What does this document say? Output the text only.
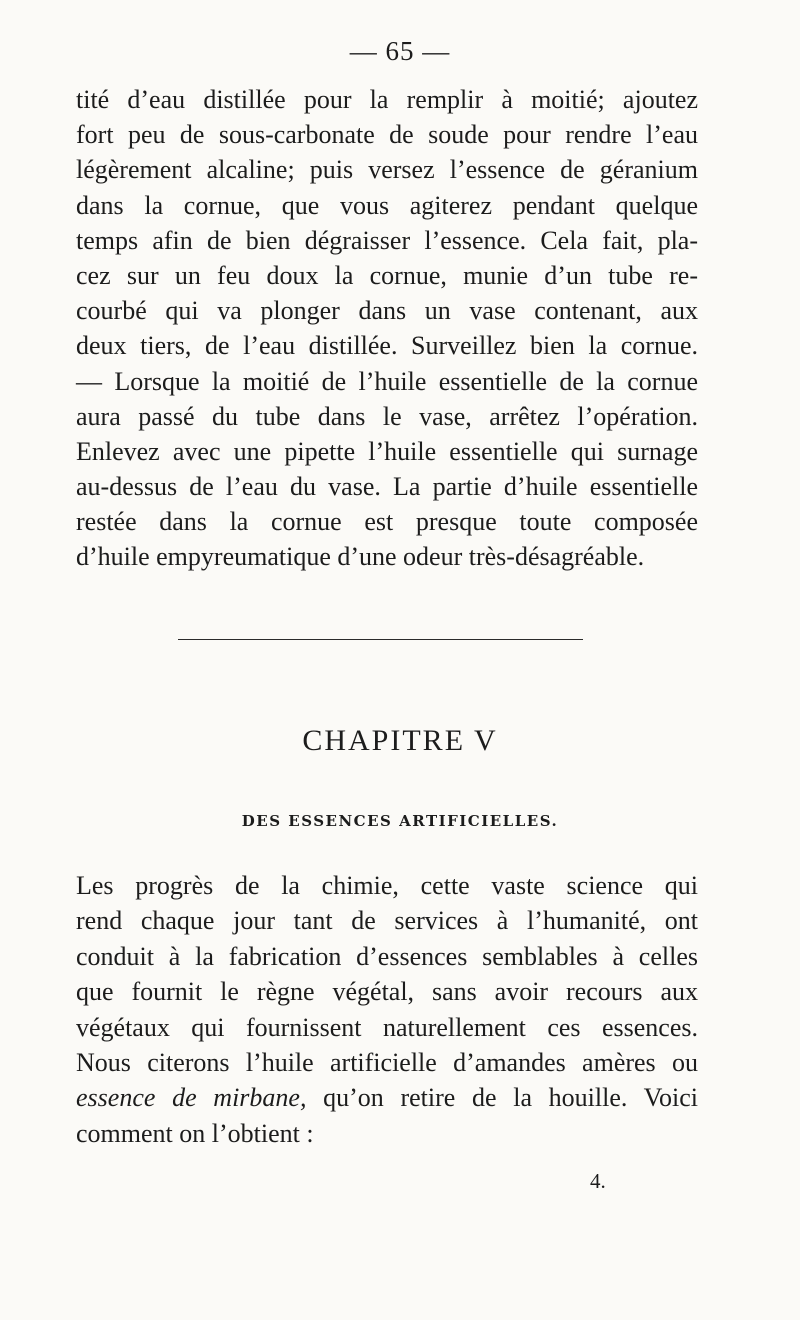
— 65 —
tité d’eau distillée pour la remplir à moitié; ajoutez
fort peu de sous-carbonate de soude pour rendre l’eau
légèrement alcaline; puis versez l’essence de géranium
dans la cornue, que vous agiterez pendant quelque
temps afin de bien dégraisser l’essence. Cela fait, pla-
cez sur un feu doux la cornue, munie d’un tube re-
courbé qui va plonger dans un vase contenant, aux
deux tiers, de l’eau distillée. Surveillez bien la cornue.
— Lorsque la moitié de l’huile essentielle de la cornue
aura passé du tube dans le vase, arrêtez l’opération.
Enlevez avec une pipette l’huile essentielle qui surnage
au-dessus de l’eau du vase. La partie d’huile essentielle
restée dans la cornue est presque toute composée
d’huile empyreumatique d’une odeur très-désagréable.
CHAPITRE V
DES ESSENCES ARTIFICIELLES.
Les progrès de la chimie, cette vaste science qui
rend chaque jour tant de services à l’humanité, ont
conduit à la fabrication d’essences semblables à celles
que fournit le règne végétal, sans avoir recours aux
végétaux qui fournissent naturellement ces essences.
Nous citerons l’huile artificielle d’amandes amères ou
essence de mirbane, qu’on retire de la houille. Voici
comment on l’obtient :
4.
